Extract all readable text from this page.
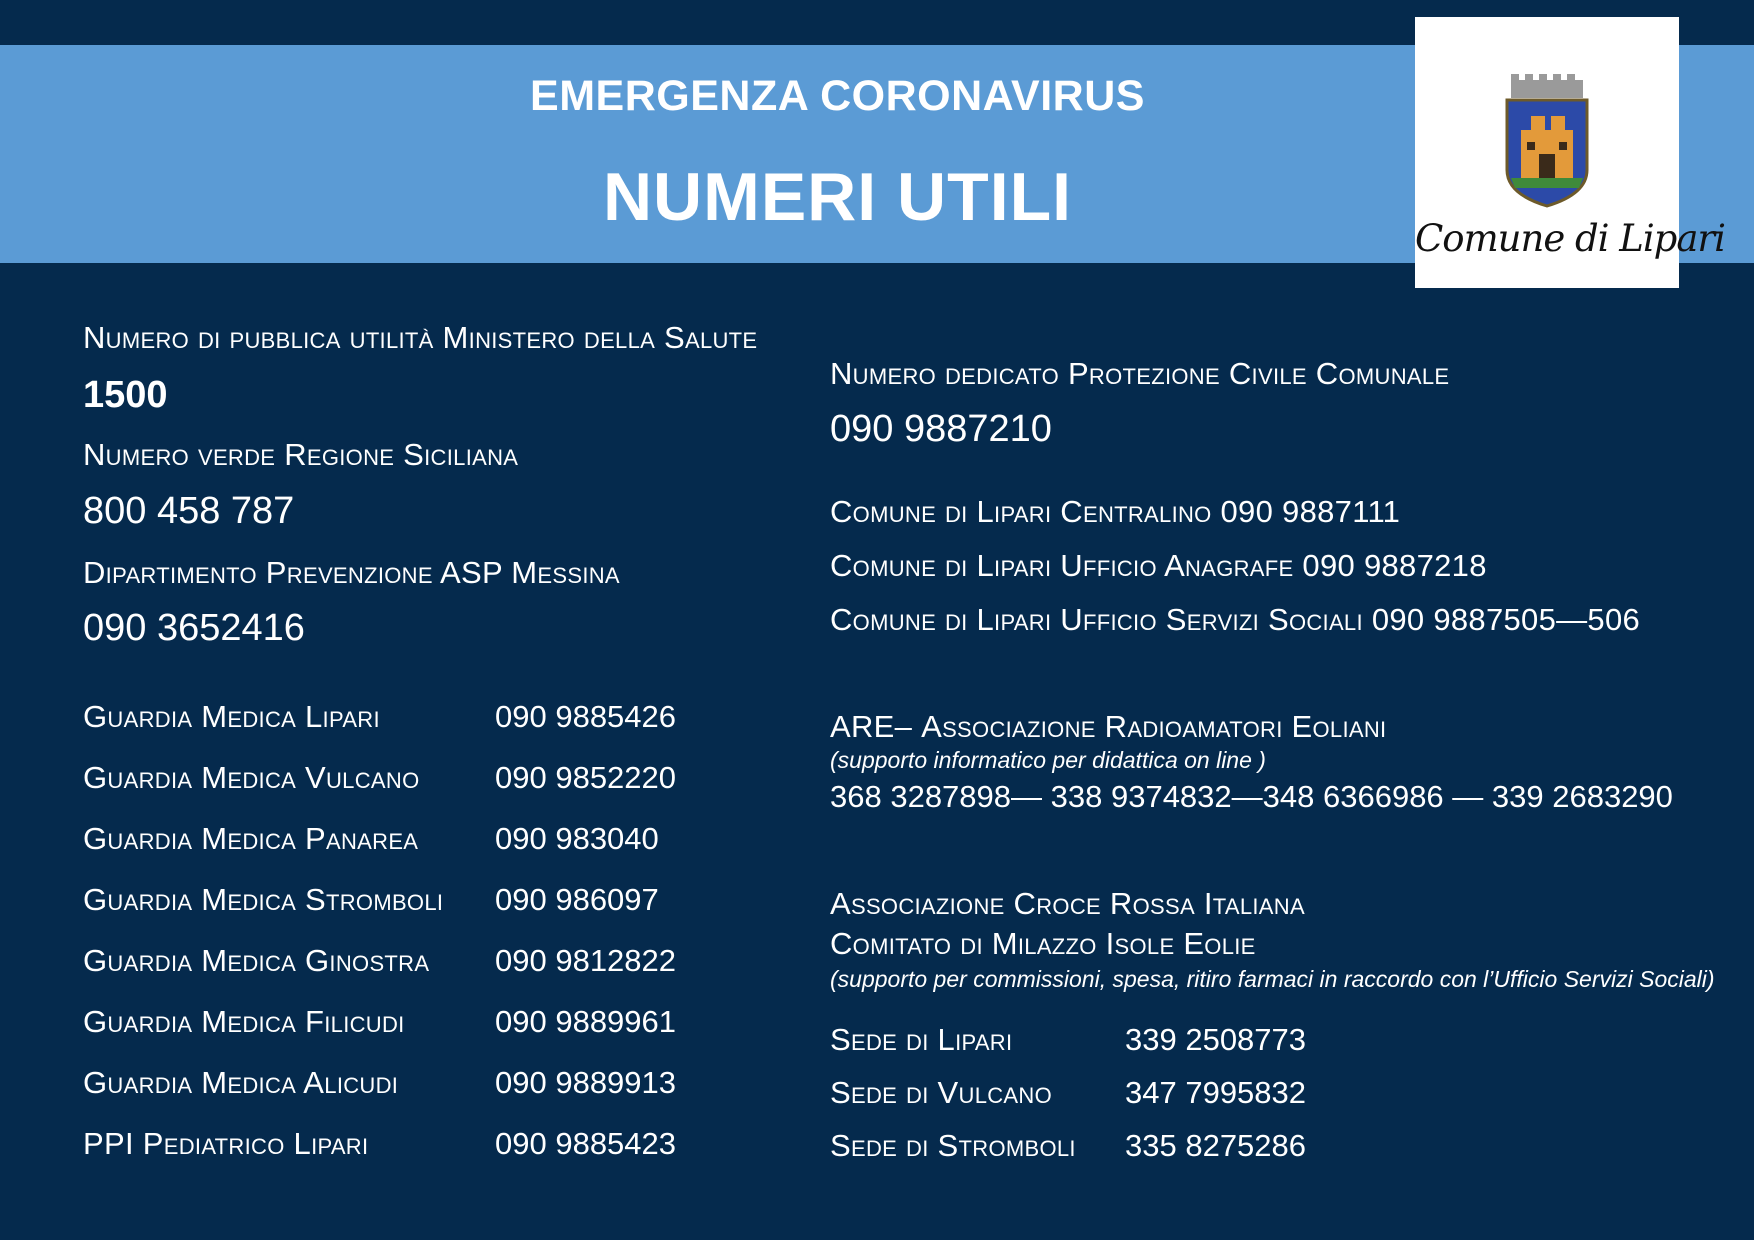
EMERGENZA CORONAVIRUS
NUMERI UTILI
Comune di Lipari
Numero di pubblica utilità Ministero della Salute
1500
Numero verde Regione Siciliana
800 458 787
Dipartimento Prevenzione ASP Messina
090 3652416
Guardia Medica Lipari	090 9885426
Guardia Medica Vulcano 090 9852220
Guardia Medica Panarea 090 983040
Guardia Medica Stromboli 090 986097
Guardia Medica Ginostra 090 9812822
Guardia Medica Filicudi	090 9889961
Guardia Medica Alicudi	090 9889913
PPI Pediatrico Lipari	090 9885423
Numero dedicato Protezione Civile Comunale
090 9887210
Comune di Lipari Centralino 090 9887111
Comune di Lipari Ufficio Anagrafe 090 9887218
Comune di Lipari Ufficio Servizi Sociali 090 9887505—506
ARE– Associazione Radioamatori Eoliani
(supporto informatico per didattica on line )
368 3287898— 338 9374832—348 6366986 — 339 2683290
Associazione Croce Rossa Italiana
Comitato di Milazzo Isole Eolie
(supporto per commissioni, spesa, ritiro farmaci in raccordo con l’Ufficio Servizi Sociali)
Sede di Lipari	339 2508773
Sede di Vulcano 347 7995832
Sede di Stromboli 335 8275286
